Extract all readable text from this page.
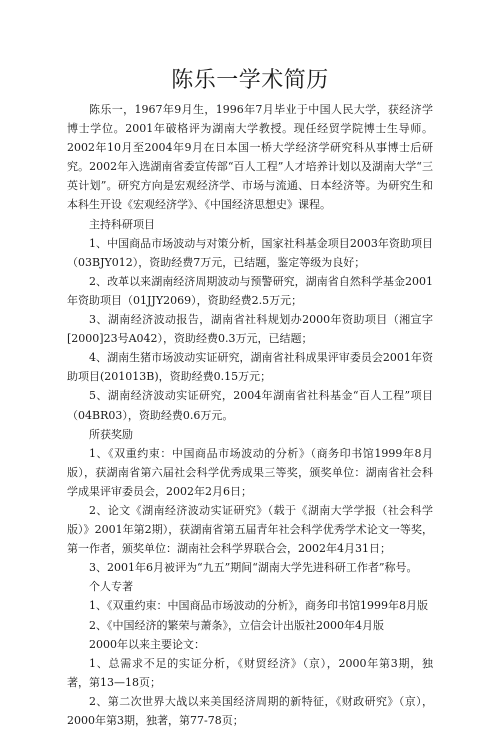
陈乐一学术简历

陈乐一，1967年9月生，1996年7月毕业于中国人民大学，获经济学博士学位。2001年破格评为湖南大学教授。现任经贸学院博士生导师。2002年10月至2004年9月在日本国一桥大学经济学研究科从事博士后研究。2002年入选湖南省委宣传部“百人工程”人才培养计划以及湖南大学“三英计划”。研究方向是宏观经济学、市场与流通、日本经济等。为研究生和本科生开设《宏观经济学》、《中国经济思想史》课程。

主持科研项目

1、中国商品市场波动与对策分析，国家社科基金项目2003年资助项目（03BJY012），资助经费7万元，已结题，鉴定等级为良好；

2、改革以来湖南经济周期波动与预警研究，湖南省自然科学基金2001年资助项目（01JJY2069），资助经费2.5万元；

3、湖南经济波动报告，湖南省社科规划办2000年资助项目（湘宣字[2000]23号A042），资助经费0.3万元，已结题；

4、湖南生猪市场波动实证研究，湖南省社科成果评审委员会2001年资助项目(201013B)，资助经费0.15万元；

5、湖南经济波动实证研究，2004年湖南省社科基金“百人工程”项目（04BR03），资助经费0.6万元。

所获奖励

1、《双重约束：中国商品市场波动的分析》（商务印书馆1999年8月版），获湖南省第六届社会科学优秀成果三等奖，颁奖单位：湖南省社会科学成果评审委员会，2002年2月6日；

2、论文《湖南经济波动实证研究》（载于《湖南大学学报（社会科学版）》2001年第2期），获湖南省第五届青年社会科学优秀学术论文一等奖，第一作者，颁奖单位：湖南社会科学界联合会，2002年4月31日；

3、2001年6月被评为“九五”期间“湖南大学先进科研工作者”称号。

个人专著

1、《双重约束：中国商品市场波动的分析》，商务印书馆1999年8月版

2、《中国经济的繁荣与萧条》，立信会计出版社2000年4月版

2000年以来主要论文：

1、总需求不足的实证分析，《财贸经济》（京），2000年第3期，独著，第13—18页；

2、第二次世界大战以来美国经济周期的新特征，《财政研究》（京），2000年第3期，独著，第77-78页；
